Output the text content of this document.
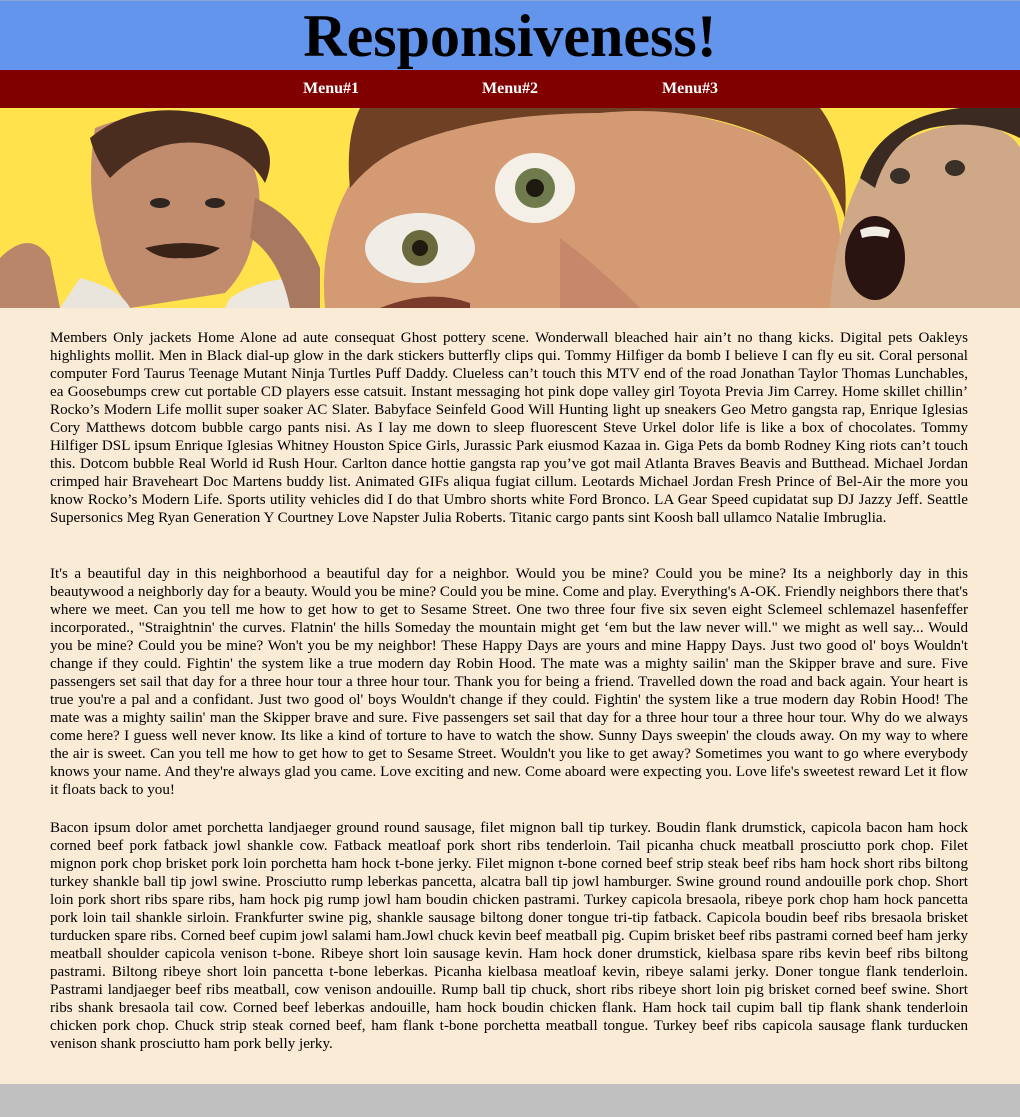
Responsiveness!
Menu#1	Menu#2	Menu#3

Members Only jackets Home Alone ad aute consequat Ghost pottery scene. Wonderwall bleached hair ain’t no thang kicks. Digital pets Oakleys highlights mollit. Men in Black dial-up glow in the dark stickers butterfly clips qui. Tommy Hilfiger da bomb I believe I can fly eu sit. Coral personal computer Ford Taurus Teenage Mutant Ninja Turtles Puff Daddy. Clueless can’t touch this MTV end of the road Jonathan Taylor Thomas Lunchables, ea Goosebumps crew cut portable CD players esse catsuit. Instant messaging hot pink dope valley girl Toyota Previa Jim Carrey. Home skillet chillin’ Rocko’s Modern Life mollit super soaker AC Slater. Babyface Seinfeld Good Will Hunting light up sneakers Geo Metro gangsta rap, Enrique Iglesias Cory Matthews dotcom bubble cargo pants nisi. As I lay me down to sleep fluorescent Steve Urkel dolor life is like a box of chocolates. Tommy Hilfiger DSL ipsum Enrique Iglesias Whitney Houston Spice Girls, Jurassic Park eiusmod Kazaa in. Giga Pets da bomb Rodney King riots can’t touch this. Dotcom bubble Real World id Rush Hour. Carlton dance hottie gangsta rap you’ve got mail Atlanta Braves Beavis and Butthead. Michael Jordan crimped hair Braveheart Doc Martens buddy list. Animated GIFs aliqua fugiat cillum. Leotards Michael Jordan Fresh Prince of Bel-Air the more you know Rocko’s Modern Life. Sports utility vehicles did I do that Umbro shorts white Ford Bronco. LA Gear Speed cupidatat sup DJ Jazzy Jeff. Seattle Supersonics Meg Ryan Generation Y Courtney Love Napster Julia Roberts. Titanic cargo pants sint Koosh ball ullamco Natalie Imbruglia.

It's a beautiful day in this neighborhood a beautiful day for a neighbor. Would you be mine? Could you be mine? Its a neighborly day in this beautywood a neighborly day for a beauty. Would you be mine? Could you be mine. Come and play. Everything's A-OK. Friendly neighbors there that's where we meet. Can you tell me how to get how to get to Sesame Street. One two three four five six seven eight Sclemeel schlemazel hasenfeffer incorporated., "Straightnin' the curves. Flatnin' the hills Someday the mountain might get ‘em but the law never will." we might as well say... Would you be mine? Could you be mine? Won't you be my neighbor! These Happy Days are yours and mine Happy Days. Just two good ol' boys Wouldn't change if they could. Fightin' the system like a true modern day Robin Hood. The mate was a mighty sailin' man the Skipper brave and sure. Five passengers set sail that day for a three hour tour a three hour tour. Thank you for being a friend. Travelled down the road and back again. Your heart is true you're a pal and a confidant. Just two good ol' boys Wouldn't change if they could. Fightin' the system like a true modern day Robin Hood! The mate was a mighty sailin' man the Skipper brave and sure. Five passengers set sail that day for a three hour tour a three hour tour. Why do we always come here? I guess well never know. Its like a kind of torture to have to watch the show. Sunny Days sweepin' the clouds away. On my way to where the air is sweet. Can you tell me how to get how to get to Sesame Street. Wouldn't you like to get away? Sometimes you want to go where everybody knows your name. And they're always glad you came. Love exciting and new. Come aboard were expecting you. Love life's sweetest reward Let it flow it floats back to you!

Bacon ipsum dolor amet porchetta landjaeger ground round sausage, filet mignon ball tip turkey. Boudin flank drumstick, capicola bacon ham hock corned beef pork fatback jowl shankle cow. Fatback meatloaf pork short ribs tenderloin. Tail picanha chuck meatball prosciutto pork chop. Filet mignon pork chop brisket pork loin porchetta ham hock t-bone jerky. Filet mignon t-bone corned beef strip steak beef ribs ham hock short ribs biltong turkey shankle ball tip jowl swine. Prosciutto rump leberkas pancetta, alcatra ball tip jowl hamburger. Swine ground round andouille pork chop. Short loin pork short ribs spare ribs, ham hock pig rump jowl ham boudin chicken pastrami. Turkey capicola bresaola, ribeye pork chop ham hock pancetta pork loin tail shankle sirloin. Frankfurter swine pig, shankle sausage biltong doner tongue tri-tip fatback. Capicola boudin beef ribs bresaola brisket turducken spare ribs. Corned beef cupim jowl salami ham.Jowl chuck kevin beef meatball pig. Cupim brisket beef ribs pastrami corned beef ham jerky meatball shoulder capicola venison t-bone. Ribeye short loin sausage kevin. Ham hock doner drumstick, kielbasa spare ribs kevin beef ribs biltong pastrami. Biltong ribeye short loin pancetta t-bone leberkas. Picanha kielbasa meatloaf kevin, ribeye salami jerky. Doner tongue flank tenderloin. Pastrami landjaeger beef ribs meatball, cow venison andouille. Rump ball tip chuck, short ribs ribeye short loin pig brisket corned beef swine. Short ribs shank bresaola tail cow. Corned beef leberkas andouille, ham hock boudin chicken flank. Ham hock tail cupim ball tip flank shank tenderloin chicken pork chop. Chuck strip steak corned beef, ham flank t-bone porchetta meatball tongue. Turkey beef ribs capicola sausage flank turducken venison shank prosciutto ham pork belly jerky.
